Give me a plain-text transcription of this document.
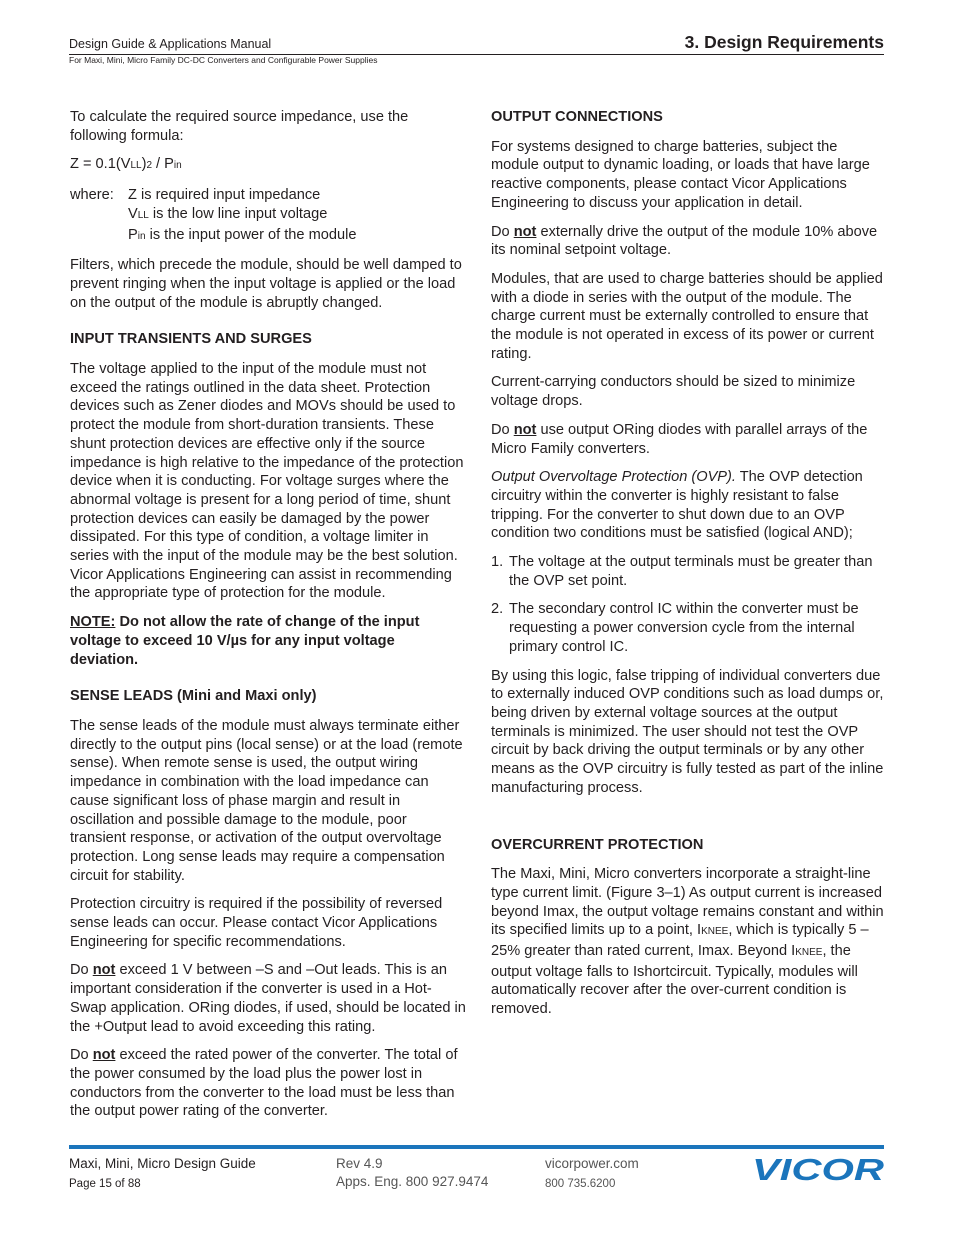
Design Guide & Applications Manual
For Maxi, Mini, Micro Family DC-DC Converters and Configurable Power Supplies
3. Design Requirements

To calculate the required source impedance, use the following formula:

Z = 0.1(VLL)2 / Pin

where: Z is required input impedance
VLL is the low line input voltage
Pin is the input power of the module

Filters, which precede the module, should be well damped to prevent ringing when the input voltage is applied or the load on the output of the module is abruptly changed.

INPUT TRANSIENTS AND SURGES

The voltage applied to the input of the module must not exceed the ratings outlined in the data sheet. Protection devices such as Zener diodes and MOVs should be used to protect the module from short-duration transients. These shunt protection devices are effective only if the source impedance is high relative to the impedance of the protection device when it is conducting. For voltage surges where the abnormal voltage is present for a long period of time, shunt protection devices can easily be damaged by the power dissipated. For this type of condition, a voltage limiter in series with the input of the module may be the best solution. Vicor Applications Engineering can assist in recommending the appropriate type of protection for the module.

NOTE: Do not allow the rate of change of the input voltage to exceed 10 V/µs for any input voltage deviation.

SENSE LEADS (Mini and Maxi only)

The sense leads of the module must always terminate either directly to the output pins (local sense) or at the load (remote sense). When remote sense is used, the output wiring impedance in combination with the load impedance can cause significant loss of phase margin and result in oscillation and possible damage to the module, poor transient response, or activation of the output overvoltage protection. Long sense leads may require a compensation circuit for stability.

Protection circuitry is required if the possibility of reversed sense leads can occur. Please contact Vicor Applications Engineering for specific recommendations.

Do not exceed 1 V between –S and –Out leads. This is an important consideration if the converter is used in a Hot-Swap application. ORing diodes, if used, should be located in the +Output lead to avoid exceeding this rating.

Do not exceed the rated power of the converter. The total of the power consumed by the load plus the power lost in conductors from the converter to the load must be less than the output power rating of the converter.

OUTPUT CONNECTIONS

For systems designed to charge batteries, subject the module output to dynamic loading, or loads that have large reactive components, please contact Vicor Applications Engineering to discuss your application in detail.

Do not externally drive the output of the module 10% above its nominal setpoint voltage.

Modules, that are used to charge batteries should be applied with a diode in series with the output of the module. The charge current must be externally controlled to ensure that the module is not operated in excess of its power or current rating.

Current-carrying conductors should be sized to minimize voltage drops.

Do not use output ORing diodes with parallel arrays of the Micro Family converters.

Output Overvoltage Protection (OVP). The OVP detection circuitry within the converter is highly resistant to false tripping. For the converter to shut down due to an OVP condition two conditions must be satisfied (logical AND);

1. The voltage at the output terminals must be greater than the OVP set point.
2. The secondary control IC within the converter must be requesting a power conversion cycle from the internal primary control IC.

By using this logic, false tripping of individual converters due to externally induced OVP conditions such as load dumps or, being driven by external voltage sources at the output terminals is minimized. The user should not test the OVP circuit by back driving the output terminals or by any other means as the OVP circuitry is fully tested as part of the inline manufacturing process.

OVERCURRENT PROTECTION

The Maxi, Mini, Micro converters incorporate a straight-line type current limit. (Figure 3–1) As output current is increased beyond Imax, the output voltage remains constant and within its specified limits up to a point, IKNEE, which is typically 5 – 25% greater than rated current, Imax. Beyond IKNEE, the output voltage falls to Ishortcircuit. Typically, modules will automatically recover after the over-current condition is removed.

Maxi, Mini, Micro Design Guide
Page 15 of 88
Rev 4.9
Apps. Eng. 800 927.9474
vicorpower.com
800 735.6200	VICOR
